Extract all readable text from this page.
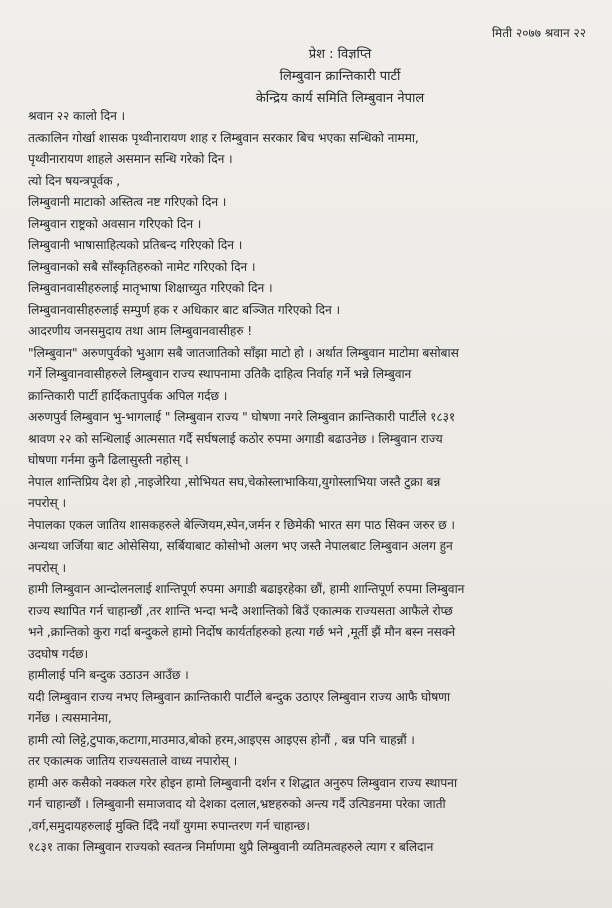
मिती २०७७ श्रवान २२
प्रेश : विज्ञप्ति
लिम्बुवान क्रान्तिकारी पार्टी
केन्द्रिय कार्य समिति लिम्बुवान नेपाल
श्रवान २२ कालो दिन ।
तत्कालिन गोर्खा शासक पृथ्वीनारायण शाह र लिम्बुवान सरकार बिच भएका सन्धिको नाममा,
पृथ्वीनारायण शाहले असमान सन्धि गरेको दिन ।
त्यो दिन षयन्त्रपूर्वक ,
लिम्बुवानी माटाको अस्तित्व नष्ट गरिएको दिन ।
लिम्बुवान राष्ट्रको अवसान गरिएको दिन ।
लिम्बुवानी भाषासाहित्यको प्रतिबन्द गरिएको दिन ।
लिम्बुवानको सबै साँस्कृतिहरुको नामेट गरिएको दिन ।
लिम्बुवानवासीहरुलाई मातृभाषा शिक्षाच्युत गरिएको दिन ।
लिम्बुवानवासीहरुलाई सम्पुर्ण हक र अधिकार बाट बञ्जित गरिएको दिन ।
आदरणीय जनसमुदाय तथा आम लिम्बुवानवासीहरु !
"लिम्बुवान" अरुणपुर्वको भुआग सबै जातजातिको साँझा माटो हो । अर्थात लिम्बुवान माटोमा बसोबास
गर्ने लिम्बुवानवासीहरुले लिम्बुवान राज्य स्थापनामा उतिकै दाहित्व निर्वाह गर्ने भन्ने लिम्बुवान
क्रान्तिकारी पार्टी हार्दिकतापुर्वक अपिल गर्दछ ।
अरुणपुर्व लिम्बुवान भु-भागलाई " लिम्बुवान राज्य " घोषणा नगरे लिम्बुवान क्रान्तिकारी पार्टीले १८३१
श्रावण २२ को सन्धिलाई आत्मसात गर्दै सर्घषलाई कठोर रुपमा अगाडी बढाउनेछ । लिम्बुवान राज्य
घोषणा गर्नमा कुनै ढिलासुस्ती नहोस् ।
नेपाल शान्तिप्रिय देश हो ,नाइजेरिया ,सोभियत सघ,चेकोस्लाभाकिया,युगोस्लाभिया जस्तै टुक्रा बन्न
नपरोस् ।
नेपालका एकल जातिय शासकहरुले बेल्जियम,स्पेन,जर्मन र छिमेकी भारत सग पाठ सिक्न जरुर छ ।
अन्यथा जर्जिया बाट ओसेसिया, सर्बियाबाट कोसोभो अलग भए जस्तै नेपालबाट लिम्बुवान अलग हुन
नपरोस् ।
हामी लिम्बुवान आन्दोलनलाई शान्तिपूर्ण रुपमा अगाडी बढाइरहेका छौं, हामी शान्तिपूर्ण रुपमा लिम्बुवान
राज्य स्थापित गर्न चाहान्छौं ,तर शान्ति भन्दा भन्दै अशान्तिको बिउँ एकात्मक राज्यसता आफैले रोप्छ
भने ,क्रान्तिको कुरा गर्दा बन्दुकले हामो निर्दोष कार्यर्ताहरुको हत्या गर्छ भने ,मूर्ती झैं मौन बस्न नसक्ने
उदघोष गर्दछ।
हामीलाई पनि बन्दुक उठाउन आउँछ ।
यदी लिम्बुवान राज्य नभए लिम्बुवान क्रान्तिकारी पार्टीले बन्दुक उठाएर लिम्बुवान राज्य आफै घोषणा
गर्नेछ । त्यसमानेमा,
हामी त्यो लिट्टे,टुपाक,कटागा,माउमाउ,बोको हरम,आइएस आइएस होनौं , बन्न पनि चाहन्नौं ।
तर एकात्मक जातिय राज्यसताले वाध्य नपारोस् ।
हामी अरु कसैको नक्कल गरेर होइन हामो लिम्बुवानी दर्शन र शिद्धात अनुरुप लिम्बुवान राज्य स्थापना
गर्न चाहान्छौं । लिम्बुवानी समाजवाद यो देशका दलाल,भ्रष्टहरुको अन्त्य गर्दै उत्पिडनमा परेका जाती
,वर्ग,समुदायहरुलाई मुक्ति दिँदै नयाँ युगमा रुपान्तरण गर्न चाहान्छ।
१८३१ ताका लिम्बुवान राज्यको स्वतन्त्र निर्माणमा थुप्रै लिम्बुवानी व्यतिमत्वहरुले त्याग र बलिदान
